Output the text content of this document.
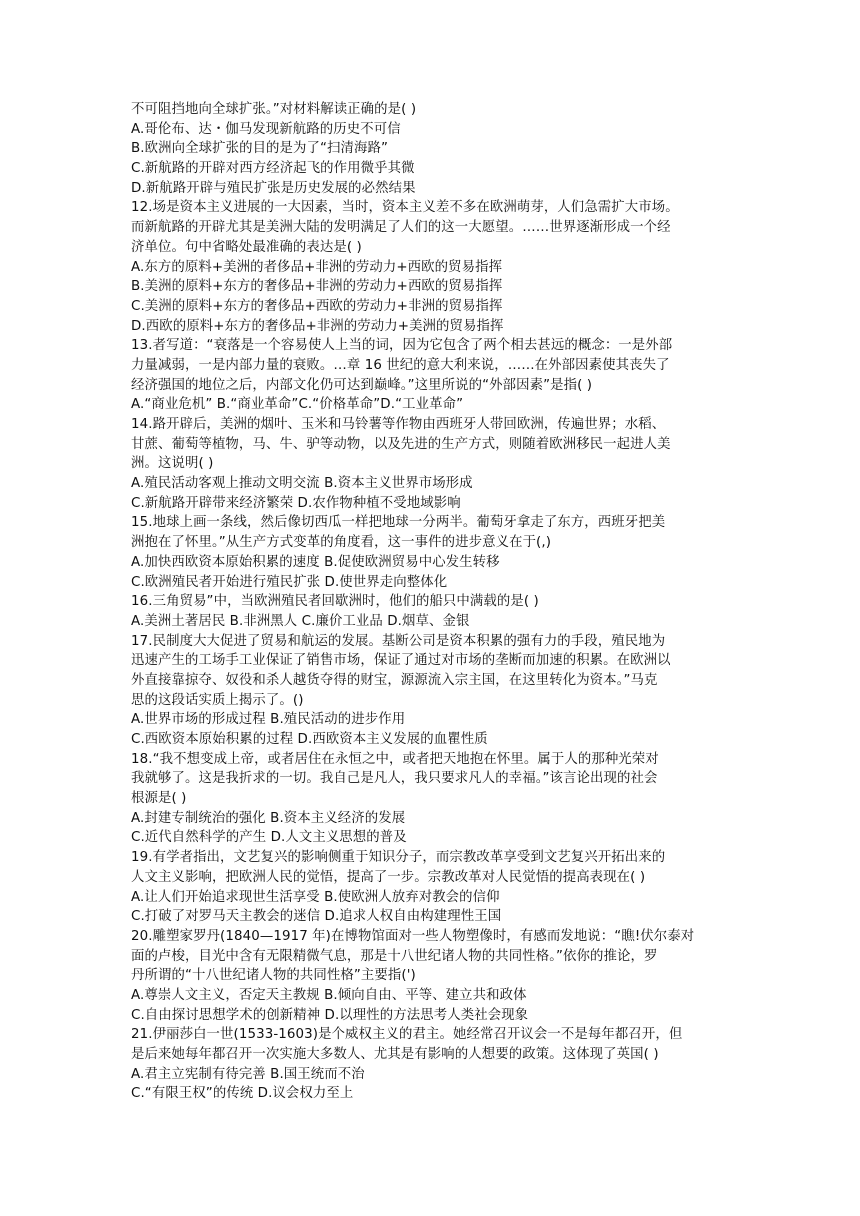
不可阻挡地向全球扩张。”对材料解读正确的是( )
A.哥伦布、达・伽马发现新航路的历史不可信
B.欧洲向全球扩张的目的是为了“扫清海路”
C.新航路的开辟对西方经济起飞的作用微乎其微
D.新航路开辟与殖民扩张是历史发展的必然结果
12.场是资本主义进展的一大因素，当时，资本主义差不多在欧洲萌芽，人们急需扩大市场。
而新航路的开辟尤其是美洲大陆的发明满足了人们的这一大愿望。……世界逐渐形成一个经
济单位。句中省略处最准确的表达是( )
A.东方的原料+美洲的者侈品+非洲的劳动力+西欧的贸易指挥
B.美洲的原料+东方的奢侈品+非洲的劳动力+西欧的贸易指挥
C.美洲的原料+东方的奢侈品+西欧的劳动力+非洲的贸易指挥
D.西欧的原料+东方的奢侈品+非洲的劳动力+美洲的贸易指挥
13.者写道：“衰落是一个容易使人上当的词，因为它包含了两个相去甚远的概念：一是外部
力量减弱，一是内部力量的衰败。…章 16 世纪的意大利来说，……在外部因素使其丧失了
经济强国的地位之后，内部文化仍可达到巅峰。”这里所说的“外部因素”是指( )
A.“商业危机” B.“商业革命”C.“价格革命”D.“工业革命”
14.路开辟后，美洲的烟叶、玉米和马铃薯等作物由西班牙人带回欧洲，传遍世界；水稻、
甘蔗、葡萄等植物，马、牛、驴等动物，以及先进的生产方式，则随着欧洲移民一起进人美
洲。这说明( )
A.殖民活动客观上推动文明交流 B.资本主义世界市场形成
C.新航路开辟带来经济繁荣 D.农作物种植不受地域影响
15.地球上画一条线，然后像切西瓜一样把地球一分两半。葡萄牙拿走了东方，西班牙把美
洲抱在了怀里。”从生产方式变革的角度看，这一事件的进步意义在于(,)
A.加快西欧资本原始积累的速度 B.促使欧洲贸易中心发生转移
C.欧洲殖民者开始进行殖民扩张 D.使世界走向整体化
16.三角贸易”中，当欧洲殖民者回歇洲时，他们的船只中满载的是( )
A.美洲土著居民 B.非洲黑人 C.廉价工业品 D.烟草、金银
17.民制度大大促进了贸易和航运的发展。基断公司是资本积累的强有力的手段，殖民地为
迅速产生的工场手工业保证了销售市场，保证了通过对市场的垄断而加速的积累。在欧洲以
外直接靠掠夺、奴役和杀人越货夺得的财宝，源源流入宗主国，在这里转化为资本。”马克
思的这段话实质上揭示了。()
A.世界市场的形成过程 B.殖民活动的进步作用
C.西欧资本原始积累的过程 D.西欧资本主义发展的血瞿性质
18.“我不想变成上帝，或者居住在永恒之中，或者把天地抱在怀里。属于人的那种光荣对
我就够了。这是我折求的一切。我自己是凡人，我只要求凡人的幸福。”该言论出现的社会
根源是( )
A.封建专制统治的强化 B.资本主义经济的发展
C.近代自然科学的产生 D.人文主义思想的普及
19.有学者指出，文艺复兴的影响侧重于知识分子，而宗教改革享受到文艺复兴开拓出来的
人文主义影响，把欧洲人民的觉悟，提高了一步。宗教改革对人民觉悟的提高表现在( )
A.让人们开始追求现世生活享受 B.使欧洲人放弃对教会的信仰
C.打破了对罗马天主教会的迷信 D.追求人权自由构建理性王国
20.雕塑家罗丹(1840—1917 年)在博物馆面对一些人物塑像时，有感而发地说：“瞧!伏尔泰对
面的卢梭，目光中含有无限精微气息，那是十八世纪诸人物的共同性格。”依你的推论，罗
丹所谓的“十八世纪诸人物的共同性格”主要指(')
A.尊崇人文主义，否定天主教规 B.倾向自由、平等、建立共和政体
C.自由探讨思想学术的创新精神 D.以理性的方法思考人类社会现象
21.伊丽莎白一世(1533-1603)是个威权主义的君主。她经常召开议会一不是每年都召开，但
是后来她每年都召开一次实施大多数人、尤其是有影响的人想要的政策。这体现了英国( )
A.君主立宪制有待完善 B.国王统而不治
C.“有限王权”的传统 D.议会权力至上
